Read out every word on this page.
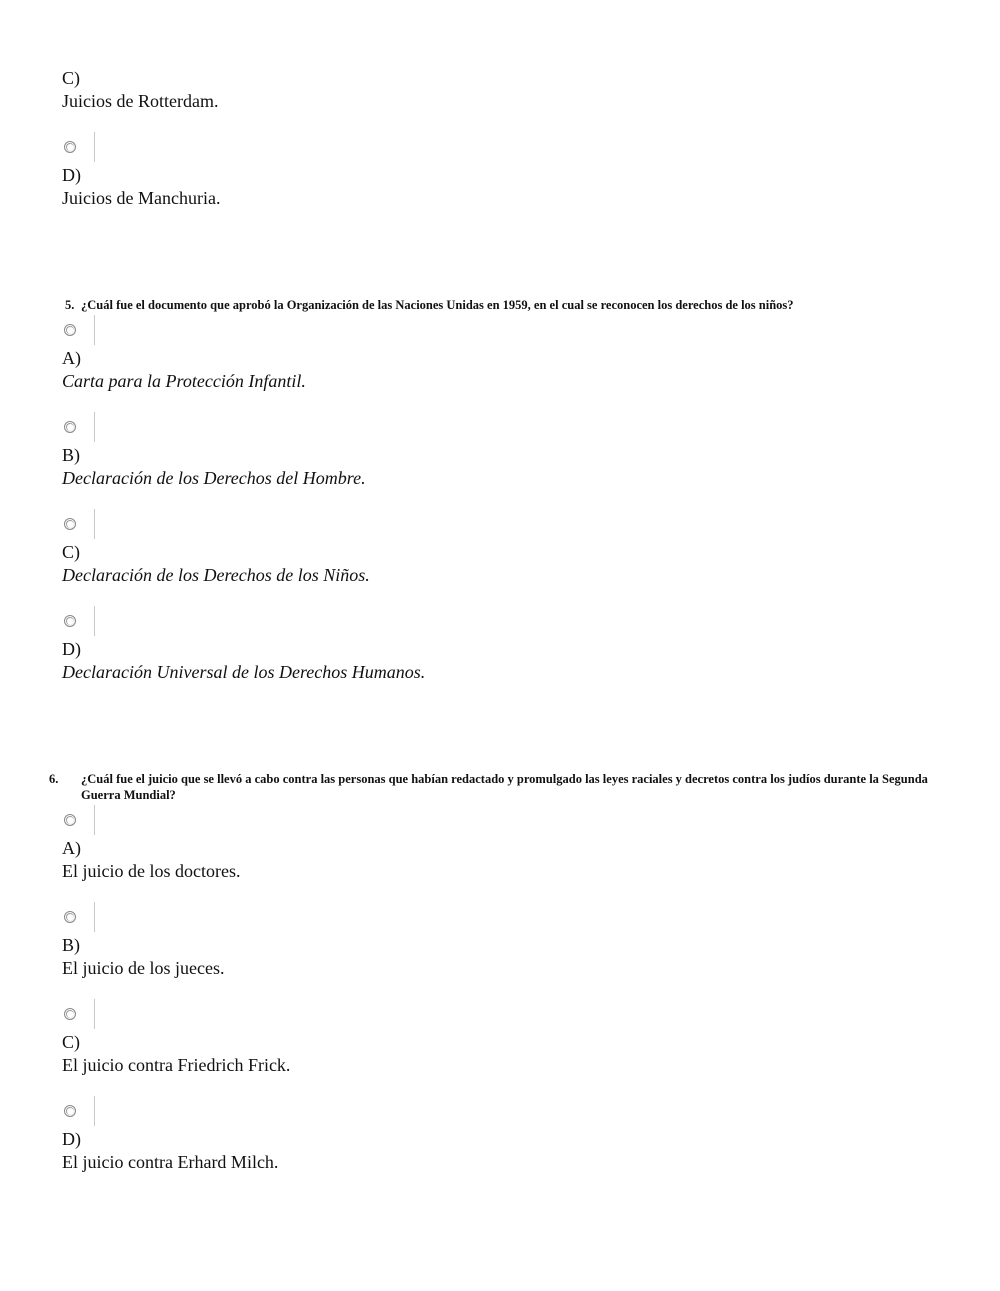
C)
Juicios de Rotterdam.
D)
Juicios de Manchuria.
5. ¿Cuál fue el documento que aprobó la Organización de las Naciones Unidas en 1959, en el cual se reconocen los derechos de los niños?
A)
Carta para la Protección Infantil.
B)
Declaración de los Derechos del Hombre.
C)
Declaración de los Derechos de los Niños.
D)
Declaración Universal de los Derechos Humanos.
6. ¿Cuál fue el juicio que se llevó a cabo contra las personas que habían redactado y promulgado las leyes raciales y decretos contra los judíos durante la Segunda Guerra Mundial?
A)
El juicio de los doctores.
B)
El juicio de los jueces.
C)
El juicio contra Friedrich Frick.
D)
El juicio contra Erhard Milch.
